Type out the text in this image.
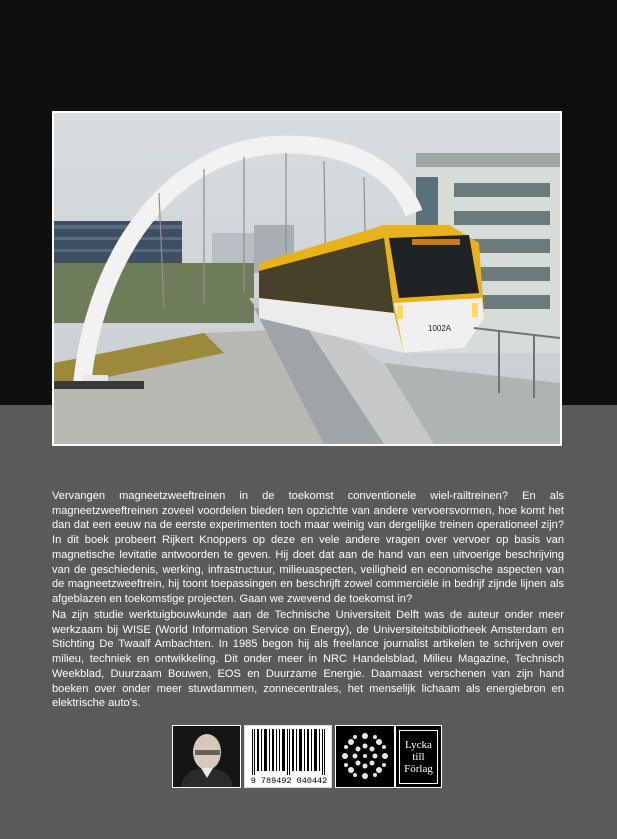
1002A
Vervangen magneetzweeftreinen in de toekomst conventionele wiel-railtreinen? En als magneetzweeftreinen zoveel voordelen bieden ten opzichte van andere vervoersvormen, hoe komt het dan dat een eeuw na de eerste experimenten toch maar weinig van dergelijke treinen operationeel zijn? In dit boek probeert Rijkert Knoppers op deze en vele andere vragen over vervoer op basis van magnetische levitatie antwoorden te geven. Hij doet dat aan de hand van een uitvoerige beschrijving van de geschiedenis, werking, infrastructuur, milieuaspecten, veiligheid en economische aspecten van de magneetzweeftrein, hij toont toepassingen en beschrijft zowel commerciële in bedrijf zijnde lijnen als afgeblazen en toekomstige projecten. Gaan we zwevend de toekomst in?
Na zijn studie werktuigbouwkunde aan de Technische Universiteit Delft was de auteur onder meer werkzaam bij WISE (World Information Service on Energy), de Universiteitsbibliotheek Amsterdam en Stichting De Twaalf Ambachten. In 1985 begon hij als freelance journalist artikelen te schrijven over milieu, techniek en ontwikkeling. Dit onder meer in NRC Handelsblad, Milieu Magazine, Technisch Weekblad, Duurzaam Bouwen, EOS en Duurzame Energie. Daarnaast verschenen van zijn hand boeken over onder meer stuwdammen, zonnecentrales, het menselijk lichaam als energiebron en elektrische auto’s.
9 789492 040442
Lycka
till
Förlag
